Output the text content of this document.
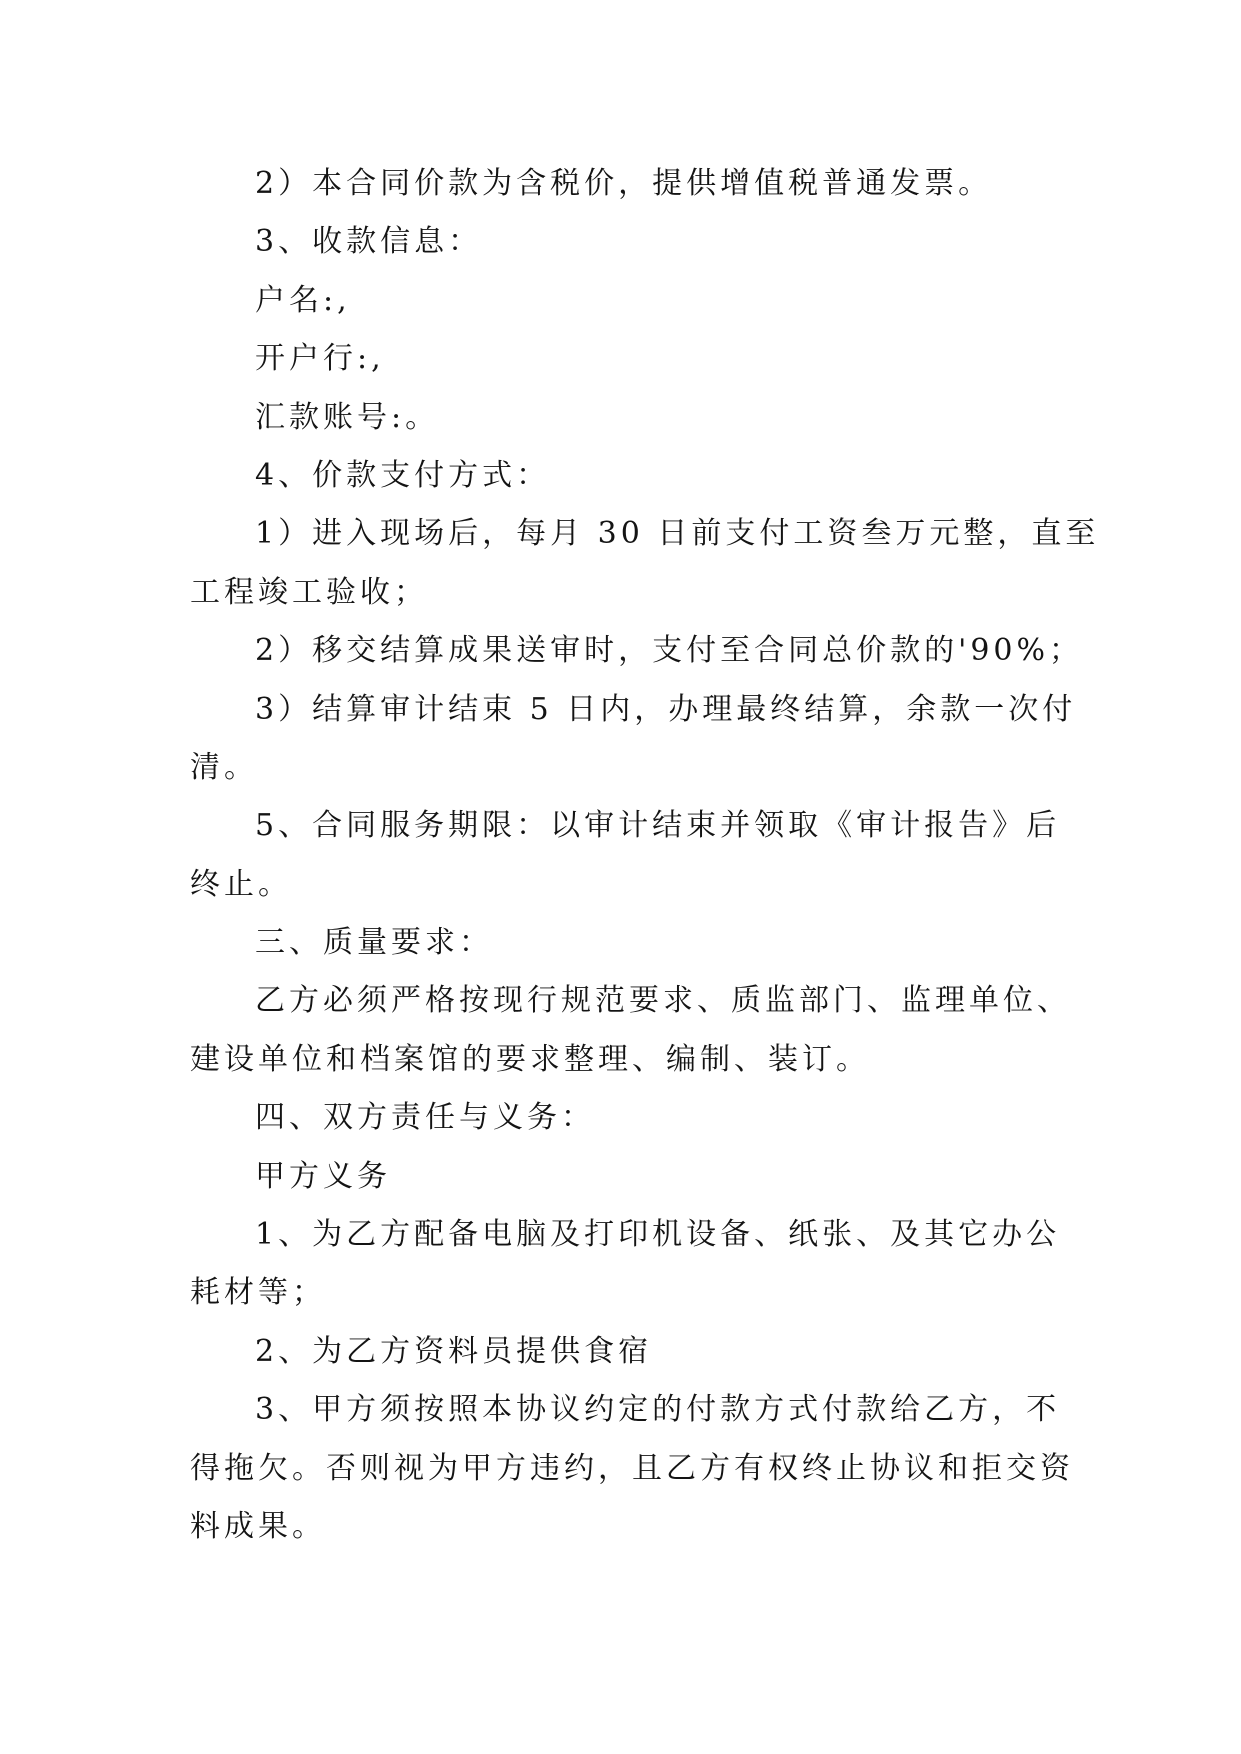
2）本合同价款为含税价，提供增值税普通发票。
3、收款信息：
户名:,
开户行:,
汇款账号:。
4、价款支付方式：
1）进入现场后，每月 30 日前支付工资叁万元整，直至
工程竣工验收；
2）移交结算成果送审时，支付至合同总价款的'90%；
3）结算审计结束 5 日内，办理最终结算，余款一次付
清。
5、合同服务期限：以审计结束并领取《审计报告》后
终止。
三、质量要求：
乙方必须严格按现行规范要求、质监部门、监理单位、
建设单位和档案馆的要求整理、编制、装订。
四、双方责任与义务：
甲方义务
1、为乙方配备电脑及打印机设备、纸张、及其它办公
耗材等；
2、为乙方资料员提供食宿
3、甲方须按照本协议约定的付款方式付款给乙方，不
得拖欠。否则视为甲方违约，且乙方有权终止协议和拒交资
料成果。
